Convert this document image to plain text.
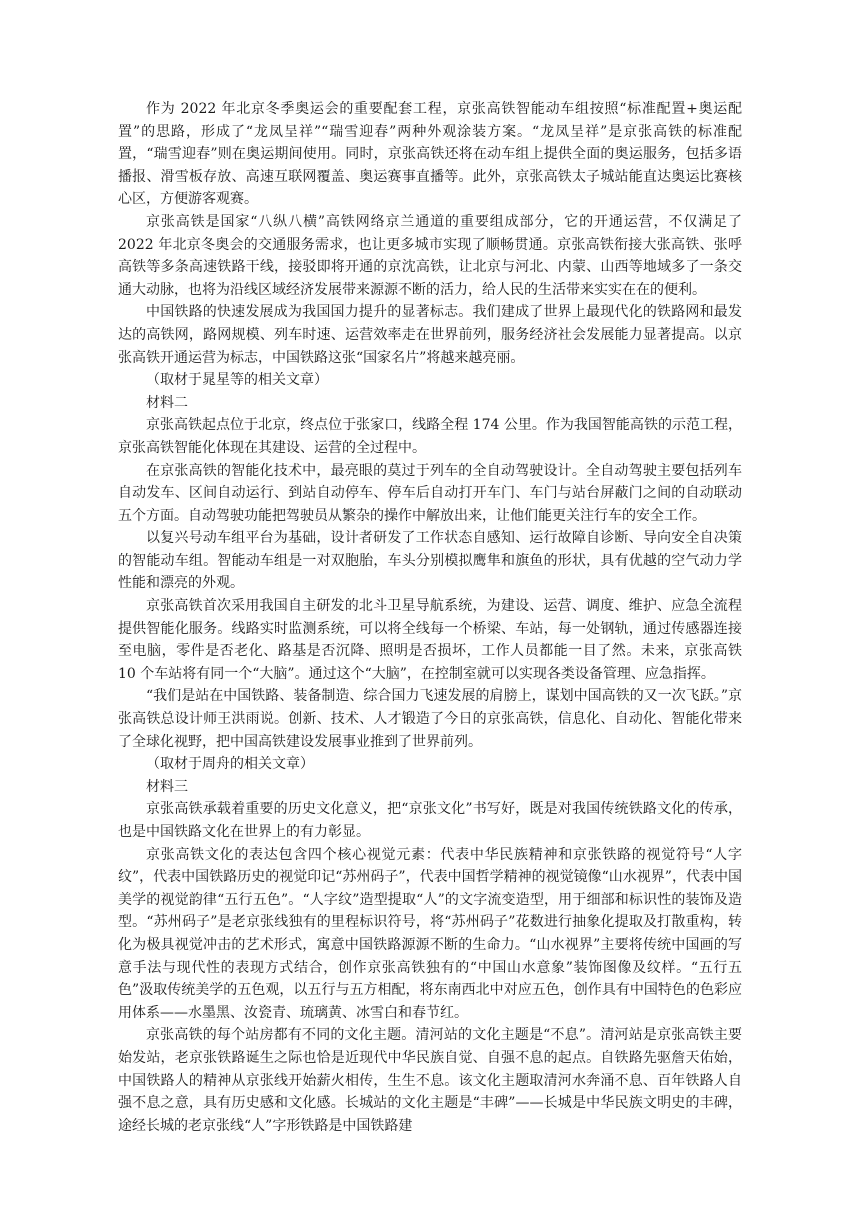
作为 2022 年北京冬季奥运会的重要配套工程，京张高铁智能动车组按照“标准配置+奥运配置”的思路，形成了“龙凤呈祥”“瑞雪迎春”两种外观涂装方案。“龙凤呈祥”是京张高铁的标准配置，“瑞雪迎春”则在奥运期间使用。同时，京张高铁还将在动车组上提供全面的奥运服务，包括多语播报、滑雪板存放、高速互联网覆盖、奥运赛事直播等。此外，京张高铁太子城站能直达奥运比赛核心区，方便游客观赛。

京张高铁是国家“八纵八横”高铁网络京兰通道的重要组成部分，它的开通运营，不仅满足了 2022 年北京冬奥会的交通服务需求，也让更多城市实现了顺畅贯通。京张高铁衔接大张高铁、张呼高铁等多条高速铁路干线，接驳即将开通的京沈高铁，让北京与河北、内蒙、山西等地域多了一条交通大动脉，也将为沿线区域经济发展带来源源不断的活力，给人民的生活带来实实在在的便利。

中国铁路的快速发展成为我国国力提升的显著标志。我们建成了世界上最现代化的铁路网和最发达的高铁网，路网规模、列车时速、运营效率走在世界前列，服务经济社会发展能力显著提高。以京张高铁开通运营为标志，中国铁路这张“国家名片”将越来越亮丽。

（取材于晁星等的相关文章）

材料二

京张高铁起点位于北京，终点位于张家口，线路全程 174 公里。作为我国智能高铁的示范工程，京张高铁智能化体现在其建设、运营的全过程中。

在京张高铁的智能化技术中，最亮眼的莫过于列车的全自动驾驶设计。全自动驾驶主要包括列车自动发车、区间自动运行、到站自动停车、停车后自动打开车门、车门与站台屏蔽门之间的自动联动五个方面。自动驾驶功能把驾驶员从繁杂的操作中解放出来，让他们能更关注行车的安全工作。

以复兴号动车组平台为基础，设计者研发了工作状态自感知、运行故障自诊断、导向安全自决策的智能动车组。智能动车组是一对双胞胎，车头分别模拟鹰隼和旗鱼的形状，具有优越的空气动力学性能和漂亮的外观。

京张高铁首次采用我国自主研发的北斗卫星导航系统，为建设、运营、调度、维护、应急全流程提供智能化服务。线路实时监测系统，可以将全线每一个桥梁、车站，每一处钢轨，通过传感器连接至电脑，零件是否老化、路基是否沉降、照明是否损坏，工作人员都能一目了然。未来，京张高铁 10 个车站将有同一个“大脑”。通过这个“大脑”，在控制室就可以实现各类设备管理、应急指挥。

“我们是站在中国铁路、装备制造、综合国力飞速发展的肩膀上，谋划中国高铁的又一次飞跃。”京张高铁总设计师王洪雨说。创新、技术、人才锻造了今日的京张高铁，信息化、自动化、智能化带来了全球化视野，把中国高铁建设发展事业推到了世界前列。

（取材于周舟的相关文章）

材料三

京张高铁承载着重要的历史文化意义，把“京张文化”书写好，既是对我国传统铁路文化的传承，也是中国铁路文化在世界上的有力彰显。

京张高铁文化的表达包含四个核心视觉元素：代表中华民族精神和京张铁路的视觉符号“人字纹”，代表中国铁路历史的视觉印记“苏州码子”，代表中国哲学精神的视觉镜像“山水视界”，代表中国美学的视觉韵律“五行五色”。“人字纹”造型提取“人”的文字流变造型，用于细部和标识性的装饰及造型。“苏州码子”是老京张线独有的里程标识符号，将“苏州码子”花数进行抽象化提取及打散重构，转化为极具视觉冲击的艺术形式，寓意中国铁路源源不断的生命力。“山水视界”主要将传统中国画的写意手法与现代性的表现方式结合，创作京张高铁独有的“中国山水意象”装饰图像及纹样。“五行五色”汲取传统美学的五色观，以五行与五方相配，将东南西北中对应五色，创作具有中国特色的色彩应用体系——水墨黑、汝瓷青、琉璃黄、冰雪白和春节红。

京张高铁的每个站房都有不同的文化主题。清河站的文化主题是“不息”。清河站是京张高铁主要始发站，老京张铁路诞生之际也恰是近现代中华民族自觉、自强不息的起点。自铁路先驱詹天佑始，中国铁路人的精神从京张线开始薪火相传，生生不息。该文化主题取清河水奔涌不息、百年铁路人自强不息之意，具有历史感和文化感。长城站的文化主题是“丰碑”——长城是中华民族文明史的丰碑，途经长城的老京张线“人”字形铁路是中国铁路建
